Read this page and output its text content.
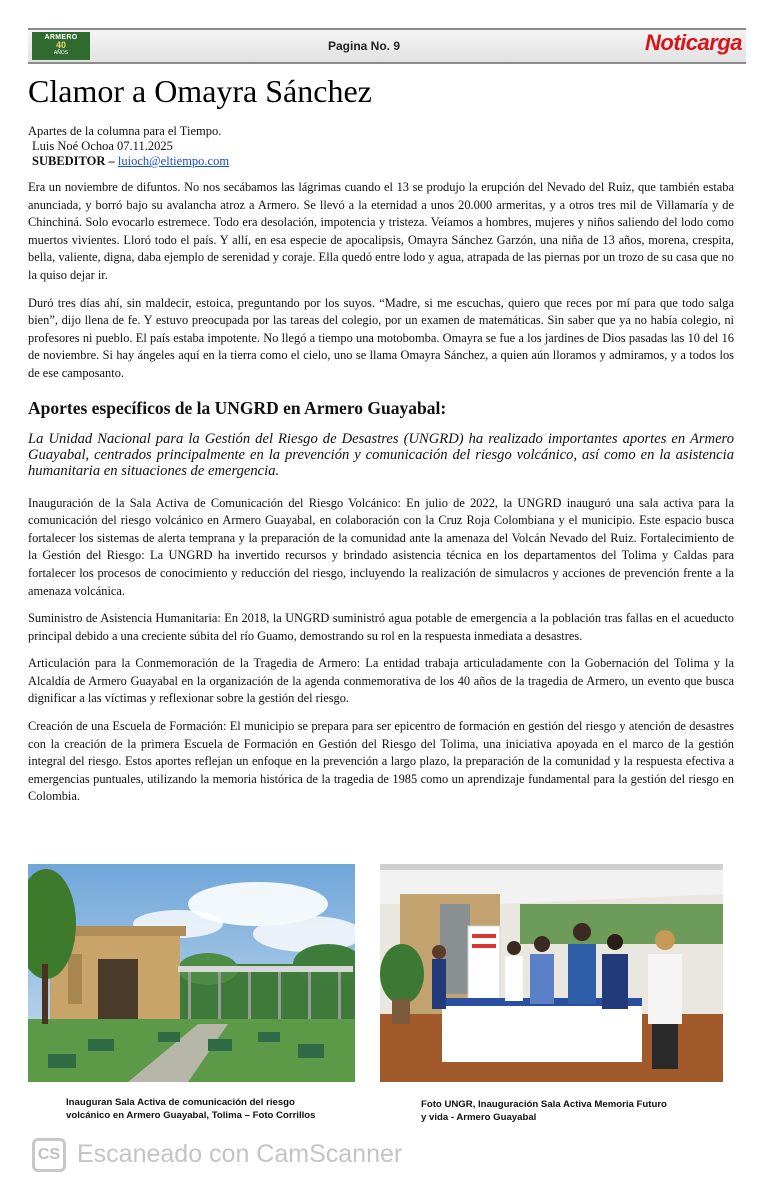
ARMERO
40
AÑOS	Pagina No. 9	Noticarga
Clamor a Omayra Sánchez
Apartes de la columna para el Tiempo.
Luis Noé Ochoa 07.11.2025
SUBEDITOR – luioch@eltiempo.com

Era un noviembre de difuntos. No nos secábamos las lágrimas cuando el 13 se produjo la erupción del Nevado del Ruiz, que también estaba anunciada, y borró bajo su avalancha atroz a Armero. Se llevó a la eternidad a unos 20.000 armeritas, y a otros tres mil de Villamaría y de Chinchiná. Solo evocarlo estremece. Todo era desolación, impotencia y tristeza. Veíamos a hombres, mujeres y niños saliendo del lodo como muertos vivientes. Lloró todo el país. Y allí, en esa especie de apocalipsis, Omayra Sánchez Garzón, una niña de 13 años, morena, crespita, bella, valiente, digna, daba ejemplo de serenidad y coraje. Ella quedó entre lodo y agua, atrapada de las piernas por un trozo de su casa que no la quiso dejar ir.

Duró tres días ahí, sin maldecir, estoica, preguntando por los suyos. “Madre, si me escuchas, quiero que reces por mí para que todo salga bien”, dijo llena de fe. Y estuvo preocupada por las tareas del colegio, por un examen de matemáticas. Sin saber que ya no había colegio, ni profesores ni pueblo. El país estaba impotente. No llegó a tiempo una motobomba. Omayra se fue a los jardines de Dios pasadas las 10 del 16 de noviembre. Si hay ángeles aquí en la tierra como el cielo, uno se llama Omayra Sánchez, a quien aún lloramos y admiramos, y a todos los de ese camposanto.

Aportes específicos de la UNGRD en Armero Guayabal:

La Unidad Nacional para la Gestión del Riesgo de Desastres (UNGRD) ha realizado importantes aportes en Armero Guayabal, centrados principalmente en la prevención y comunicación del riesgo volcánico, así como en la asistencia humanitaria en situaciones de emergencia.

Inauguración de la Sala Activa de Comunicación del Riesgo Volcánico: En julio de 2022, la UNGRD inauguró una sala activa para la comunicación del riesgo volcánico en Armero Guayabal, en colaboración con la Cruz Roja Colombiana y el municipio. Este espacio busca fortalecer los sistemas de alerta temprana y la preparación de la comunidad ante la amenaza del Volcán Nevado del Ruiz. Fortalecimiento de la Gestión del Riesgo: La UNGRD ha invertido recursos y brindado asistencia técnica en los departamentos del Tolima y Caldas para fortalecer los procesos de conocimiento y reducción del riesgo, incluyendo la realización de simulacros y acciones de prevención frente a la amenaza volcánica.

Suministro de Asistencia Humanitaria: En 2018, la UNGRD suministró agua potable de emergencia a la población tras fallas en el acueducto principal debido a una creciente súbita del río Guamo, demostrando su rol en la respuesta inmediata a desastres.

Articulación para la Conmemoración de la Tragedia de Armero: La entidad trabaja articuladamente con la Gobernación del Tolima y la Alcaldía de Armero Guayabal en la organización de la agenda conmemorativa de los 40 años de la tragedia de Armero, un evento que busca dignificar a las víctimas y reflexionar sobre la gestión del riesgo.

Creación de una Escuela de Formación: El municipio se prepara para ser epicentro de formación en gestión del riesgo y atención de desastres con la creación de la primera Escuela de Formación en Gestión del Riesgo del Tolima, una iniciativa apoyada en el marco de la gestión integral del riesgo. Estos aportes reflejan un enfoque en la prevención a largo plazo, la preparación de la comunidad y la respuesta efectiva a emergencias puntuales, utilizando la memoria histórica de la tragedia de 1985 como un aprendizaje fundamental para la gestión del riesgo en Colombia.

Inauguran Sala Activa de comunicación del riesgo
volcánico en Armero Guayabal, Tolima – Foto Corrillos
Foto UNGR, Inauguración Sala Activa Memoria Futuro
y vida - Armero Guayabal
CS Escaneado con CamScanner
